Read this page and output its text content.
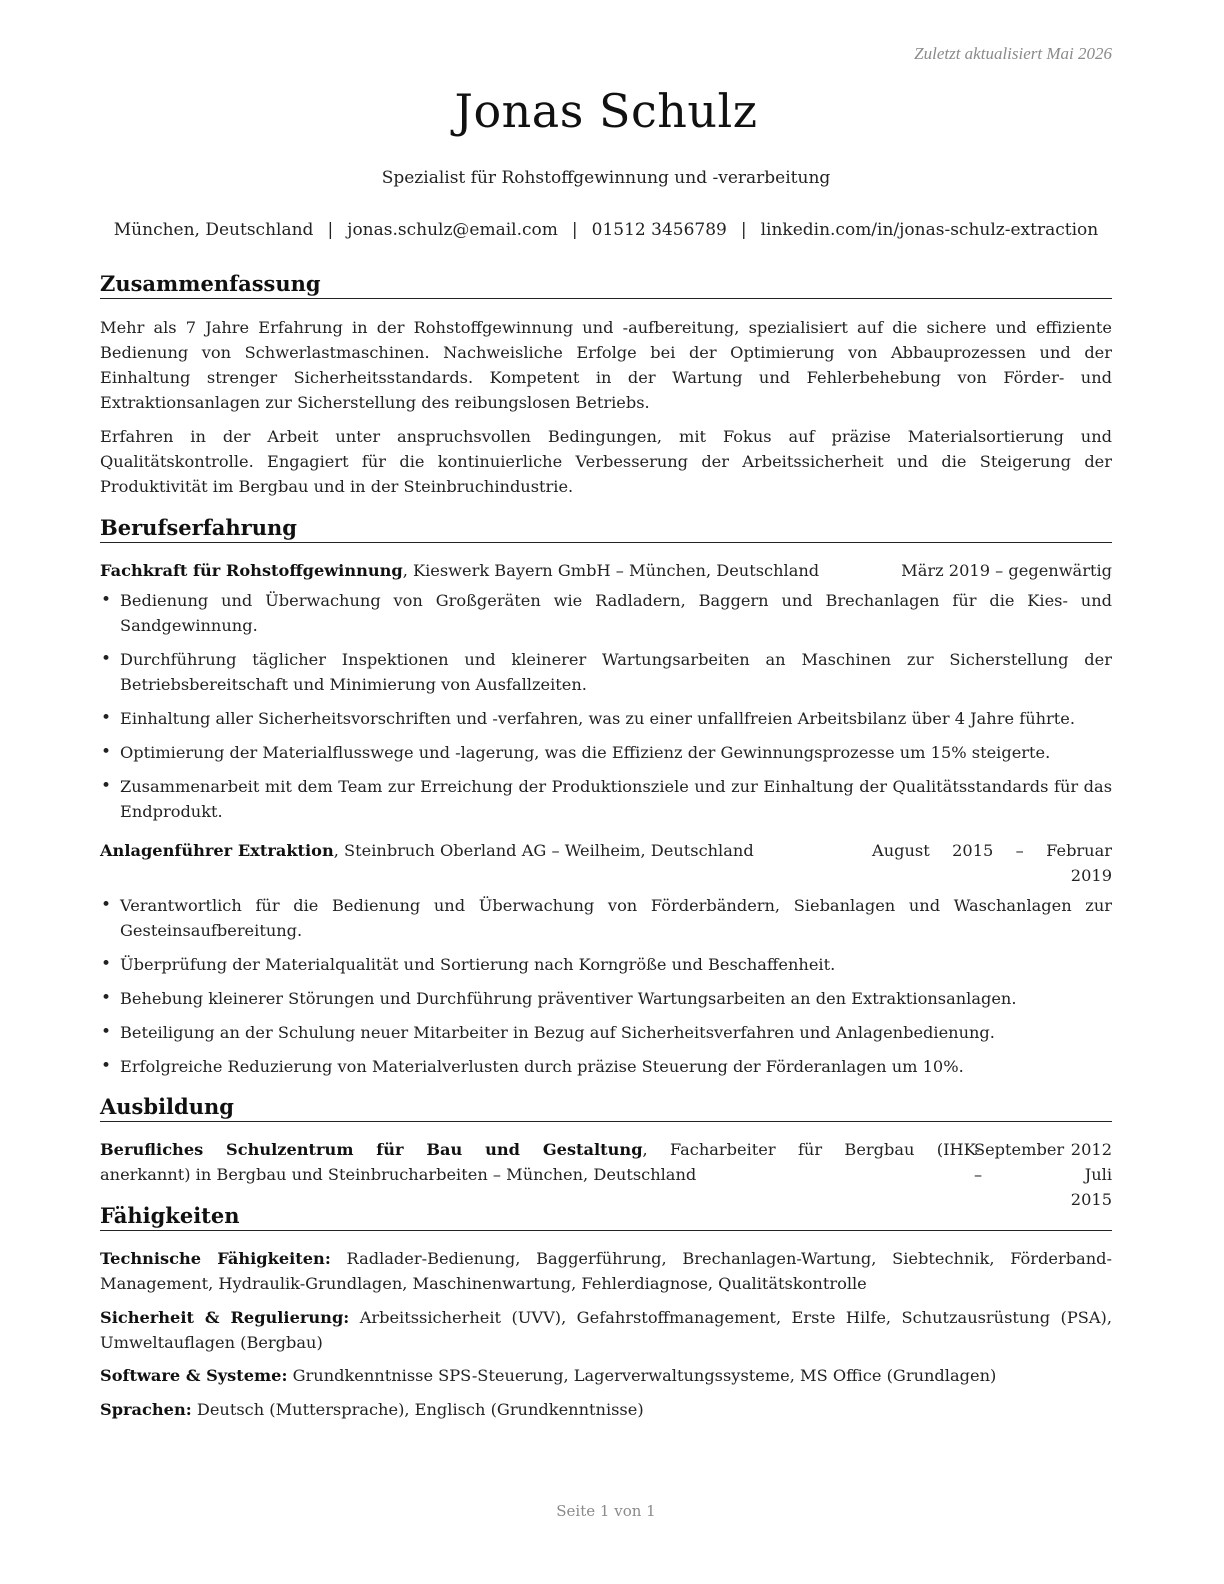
Zuletzt aktualisiert Mai 2026
Jonas Schulz
Spezialist für Rohstoffgewinnung und -verarbeitung
München, Deutschland | jonas.schulz@email.com | 01512 3456789 | linkedin.com/in/jonas-schulz-extraction
Zusammenfassung
Mehr als 7 Jahre Erfahrung in der Rohstoffgewinnung und -aufbereitung, spezialisiert auf die sichere und effiziente Bedienung von Schwerlastmaschinen. Nachweisliche Erfolge bei der Optimierung von Abbauprozessen und der Einhaltung strenger Sicherheitsstandards. Kompetent in der Wartung und Fehlerbehebung von Förder- und Extraktionsanlagen zur Sicherstellung des reibungslosen Betriebs.
Erfahren in der Arbeit unter anspruchsvollen Bedingungen, mit Fokus auf präzise Materialsortierung und Qualitätskontrolle. Engagiert für die kontinuierliche Verbesserung der Arbeitssicherheit und die Steigerung der Produktivität im Bergbau und in der Steinbruchindustrie.
Berufserfahrung
Fachkraft für Rohstoffgewinnung, Kieswerk Bayern GmbH – München, Deutschland	März 2019 – gegenwärtig
• Bedienung und Überwachung von Großgeräten wie Radladern, Baggern und Brechanlagen für die Kies- und Sandgewinnung.
• Durchführung täglicher Inspektionen und kleinerer Wartungsarbeiten an Maschinen zur Sicherstellung der Betriebsbereitschaft und Minimierung von Ausfallzeiten.
• Einhaltung aller Sicherheitsvorschriften und -verfahren, was zu einer unfallfreien Arbeitsbilanz über 4 Jahre führte.
• Optimierung der Materialflusswege und -lagerung, was die Effizienz der Gewinnungsprozesse um 15% steigerte.
• Zusammenarbeit mit dem Team zur Erreichung der Produktionsziele und zur Einhaltung der Qualitätsstandards für das Endprodukt.
Anlagenführer Extraktion, Steinbruch Oberland AG – Weilheim, Deutschland	August 2015 – Februar
2019
• Verantwortlich für die Bedienung und Überwachung von Förderbändern, Siebanlagen und Waschanlagen zur Gesteinsaufbereitung.
• Überprüfung der Materialqualität und Sortierung nach Korngröße und Beschaffenheit.
• Behebung kleinerer Störungen und Durchführung präventiver Wartungsarbeiten an den Extraktionsanlagen.
• Beteiligung an der Schulung neuer Mitarbeiter in Bezug auf Sicherheitsverfahren und Anlagenbedienung.
• Erfolgreiche Reduzierung von Materialverlusten durch präzise Steuerung der Förderanlagen um 10%.
Ausbildung
Berufliches Schulzentrum für Bau und Gestaltung, Facharbeiter für Bergbau (IHK-
anerkannt) in Bergbau und Steinbrucharbeiten – München, Deutschland
September 2012 – Juli
2015
Fähigkeiten
Technische Fähigkeiten: Radlader-Bedienung, Baggerführung, Brechanlagen-Wartung, Siebtechnik, Förderband-Management, Hydraulik-Grundlagen, Maschinenwartung, Fehlerdiagnose, Qualitätskontrolle
Sicherheit & Regulierung: Arbeitssicherheit (UVV), Gefahrstoffmanagement, Erste Hilfe, Schutzausrüstung (PSA), Umweltauflagen (Bergbau)
Software & Systeme: Grundkenntnisse SPS-Steuerung, Lagerverwaltungssysteme, MS Office (Grundlagen)
Sprachen: Deutsch (Muttersprache), Englisch (Grundkenntnisse)
Seite 1 von 1
